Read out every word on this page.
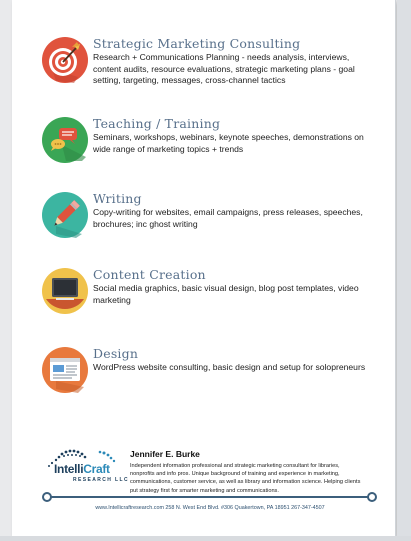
Strategic Marketing Consulting
Research + Communications Planning - needs analysis, interviews, content audits, resource evaluations, strategic marketing plans - goal setting, targeting, messages, cross-channel tactics
Teaching / Training
Seminars, workshops, webinars, keynote speeches, demonstrations on wide range of marketing topics + trends
Writing
Copy-writing for websites, email campaigns, press releases, speeches, brochures; inc ghost writing
Content Creation
Social media graphics, basic visual design, blog post templates, video marketing
Design
WordPress website consulting, basic design and setup for solopreneurs
IntelliCraft
RESEARCH LLC
Jennifer E. Burke
Independent information professional and strategic marketing consultant for libraries, nonprofits and info pros. Unique background of training and experience in marketing, communications, customer service, as well as library and information science. Helping clients put strategy first for smarter marketing and communications.
www.Intellicraftresearch.com 258 N. West End Blvd. #306 Quakertown, PA 18951 267-347-4507
